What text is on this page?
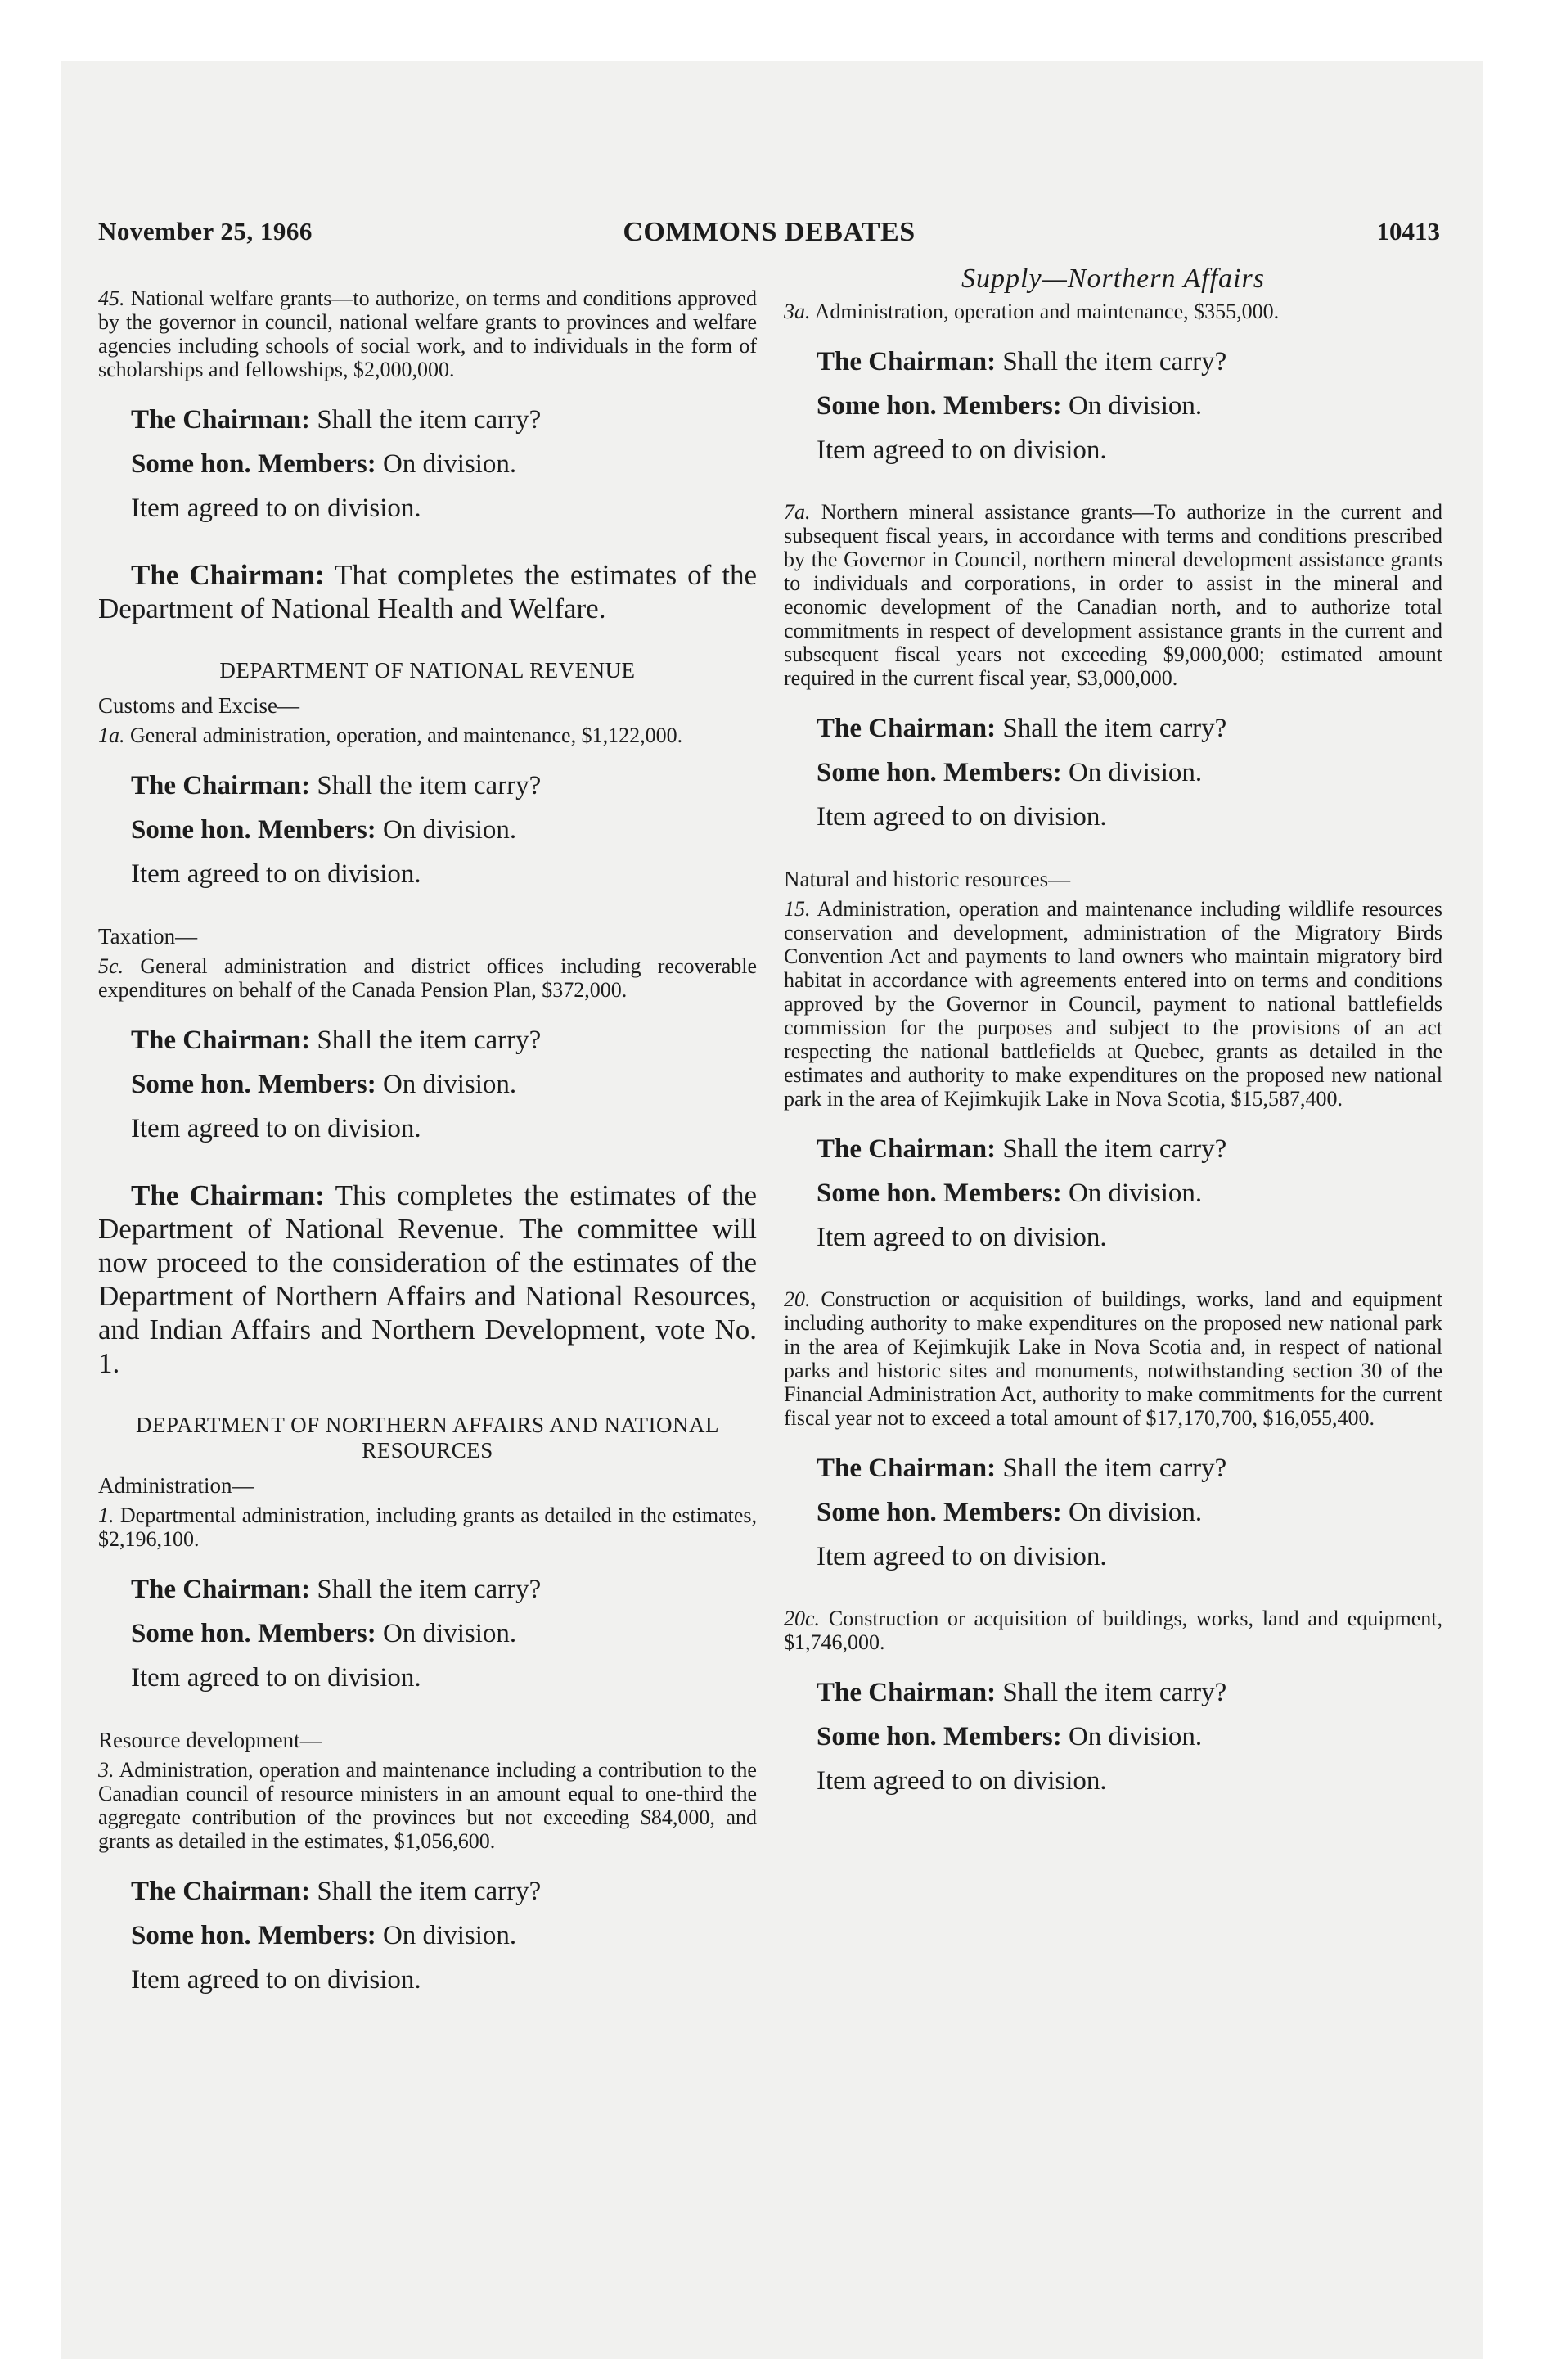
November 25, 1966	COMMONS DEBATES	10413

45. National welfare grants—to authorize, on terms and conditions approved by the governor in council, national welfare grants to provinces and welfare agencies including schools of social work, and to individuals in the form of scholarships and fellowships, $2,000,000.

The Chairman: Shall the item carry?

Some hon. Members: On division.

Item agreed to on division.

The Chairman: That completes the estimates of the Department of National Health and Welfare.

DEPARTMENT OF NATIONAL REVENUE

Customs and Excise—

1a. General administration, operation, and maintenance, $1,122,000.

The Chairman: Shall the item carry?

Some hon. Members: On division.

Item agreed to on division.

Taxation—

5c. General administration and district offices including recoverable expenditures on behalf of the Canada Pension Plan, $372,000.

The Chairman: Shall the item carry?

Some hon. Members: On division.

Item agreed to on division.

The Chairman: This completes the estimates of the Department of National Revenue. The committee will now proceed to the consideration of the estimates of the Department of Northern Affairs and National Resources, and Indian Affairs and Northern Development, vote No. 1.

DEPARTMENT OF NORTHERN AFFAIRS AND NATIONAL RESOURCES

Administration—

1. Departmental administration, including grants as detailed in the estimates, $2,196,100.

The Chairman: Shall the item carry?

Some hon. Members: On division.

Item agreed to on division.

Resource development—

3. Administration, operation and maintenance including a contribution to the Canadian council of resource ministers in an amount equal to one-third the aggregate contribution of the provinces but not exceeding $84,000, and grants as detailed in the estimates, $1,056,600.

The Chairman: Shall the item carry?

Some hon. Members: On division.

Item agreed to on division.

Supply—Northern Affairs

3a. Administration, operation and maintenance, $355,000.

The Chairman: Shall the item carry?

Some hon. Members: On division.

Item agreed to on division.

7a. Northern mineral assistance grants—To authorize in the current and subsequent fiscal years, in accordance with terms and conditions prescribed by the Governor in Council, northern mineral development assistance grants to individuals and corporations, in order to assist in the mineral and economic development of the Canadian north, and to authorize total commitments in respect of development assistance grants in the current and subsequent fiscal years not exceeding $9,000,000; estimated amount required in the current fiscal year, $3,000,000.

The Chairman: Shall the item carry?

Some hon. Members: On division.

Item agreed to on division.

Natural and historic resources—

15. Administration, operation and maintenance including wildlife resources conservation and development, administration of the Migratory Birds Convention Act and payments to land owners who maintain migratory bird habitat in accordance with agreements entered into on terms and conditions approved by the Governor in Council, payment to national battlefields commission for the purposes and subject to the provisions of an act respecting the national battlefields at Quebec, grants as detailed in the estimates and authority to make expenditures on the proposed new national park in the area of Kejimkujik Lake in Nova Scotia, $15,587,400.

The Chairman: Shall the item carry?

Some hon. Members: On division.

Item agreed to on division.

20. Construction or acquisition of buildings, works, land and equipment including authority to make expenditures on the proposed new national park in the area of Kejimkujik Lake in Nova Scotia and, in respect of national parks and historic sites and monuments, notwithstanding section 30 of the Financial Administration Act, authority to make commitments for the current fiscal year not to exceed a total amount of $17,170,700, $16,055,400.

The Chairman: Shall the item carry?

Some hon. Members: On division.

Item agreed to on division.

20c. Construction or acquisition of buildings, works, land and equipment, $1,746,000.

The Chairman: Shall the item carry?

Some hon. Members: On division.

Item agreed to on division.
